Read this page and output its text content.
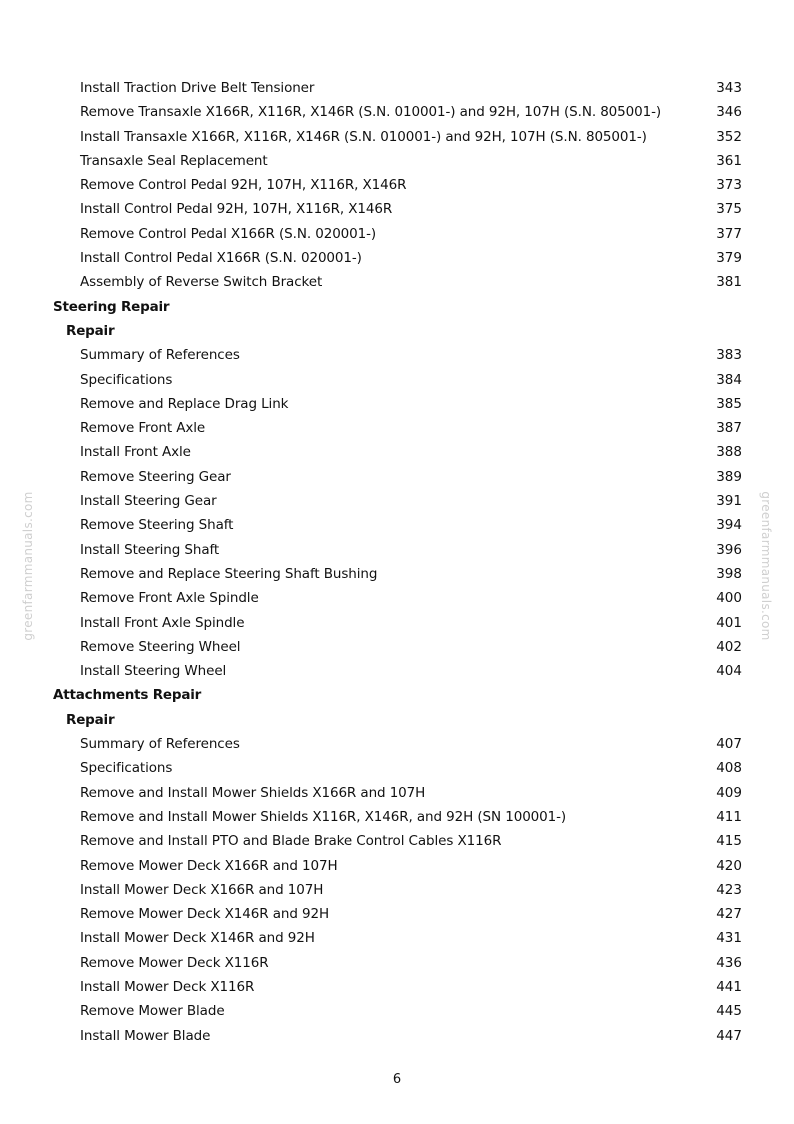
Install Traction Drive Belt Tensioner	343
Remove Transaxle X166R, X116R, X146R (S.N. 010001-) and 92H, 107H (S.N. 805001-)	346
Install Transaxle X166R, X116R, X146R (S.N. 010001-) and 92H, 107H (S.N. 805001-)	352
Transaxle Seal Replacement	361
Remove Control Pedal 92H, 107H, X116R, X146R	373
Install Control Pedal 92H, 107H, X116R, X146R	375
Remove Control Pedal X166R (S.N. 020001-)	377
Install Control Pedal X166R (S.N. 020001-)	379
Assembly of Reverse Switch Bracket	381
Steering Repair
Repair
Summary of References	383
Specifications	384
Remove and Replace Drag Link	385
Remove Front Axle	387
Install Front Axle	388
Remove Steering Gear	389
Install Steering Gear	391
Remove Steering Shaft	394
Install Steering Shaft	396
Remove and Replace Steering Shaft Bushing	398
Remove Front Axle Spindle	400
Install Front Axle Spindle	401
Remove Steering Wheel	402
Install Steering Wheel	404
Attachments Repair
Repair
Summary of References	407
Specifications	408
Remove and Install Mower Shields X166R and 107H	409
Remove and Install Mower Shields X116R, X146R, and 92H (SN 100001-)	411
Remove and Install PTO and Blade Brake Control Cables X116R	415
Remove Mower Deck X166R and 107H	420
Install Mower Deck X166R and 107H	423
Remove Mower Deck X146R and 92H	427
Install Mower Deck X146R and 92H	431
Remove Mower Deck X116R	436
Install Mower Deck X116R	441
Remove Mower Blade	445
Install Mower Blade	447
6
greenfarmmanuals.com	greenfarmmanuals.com
